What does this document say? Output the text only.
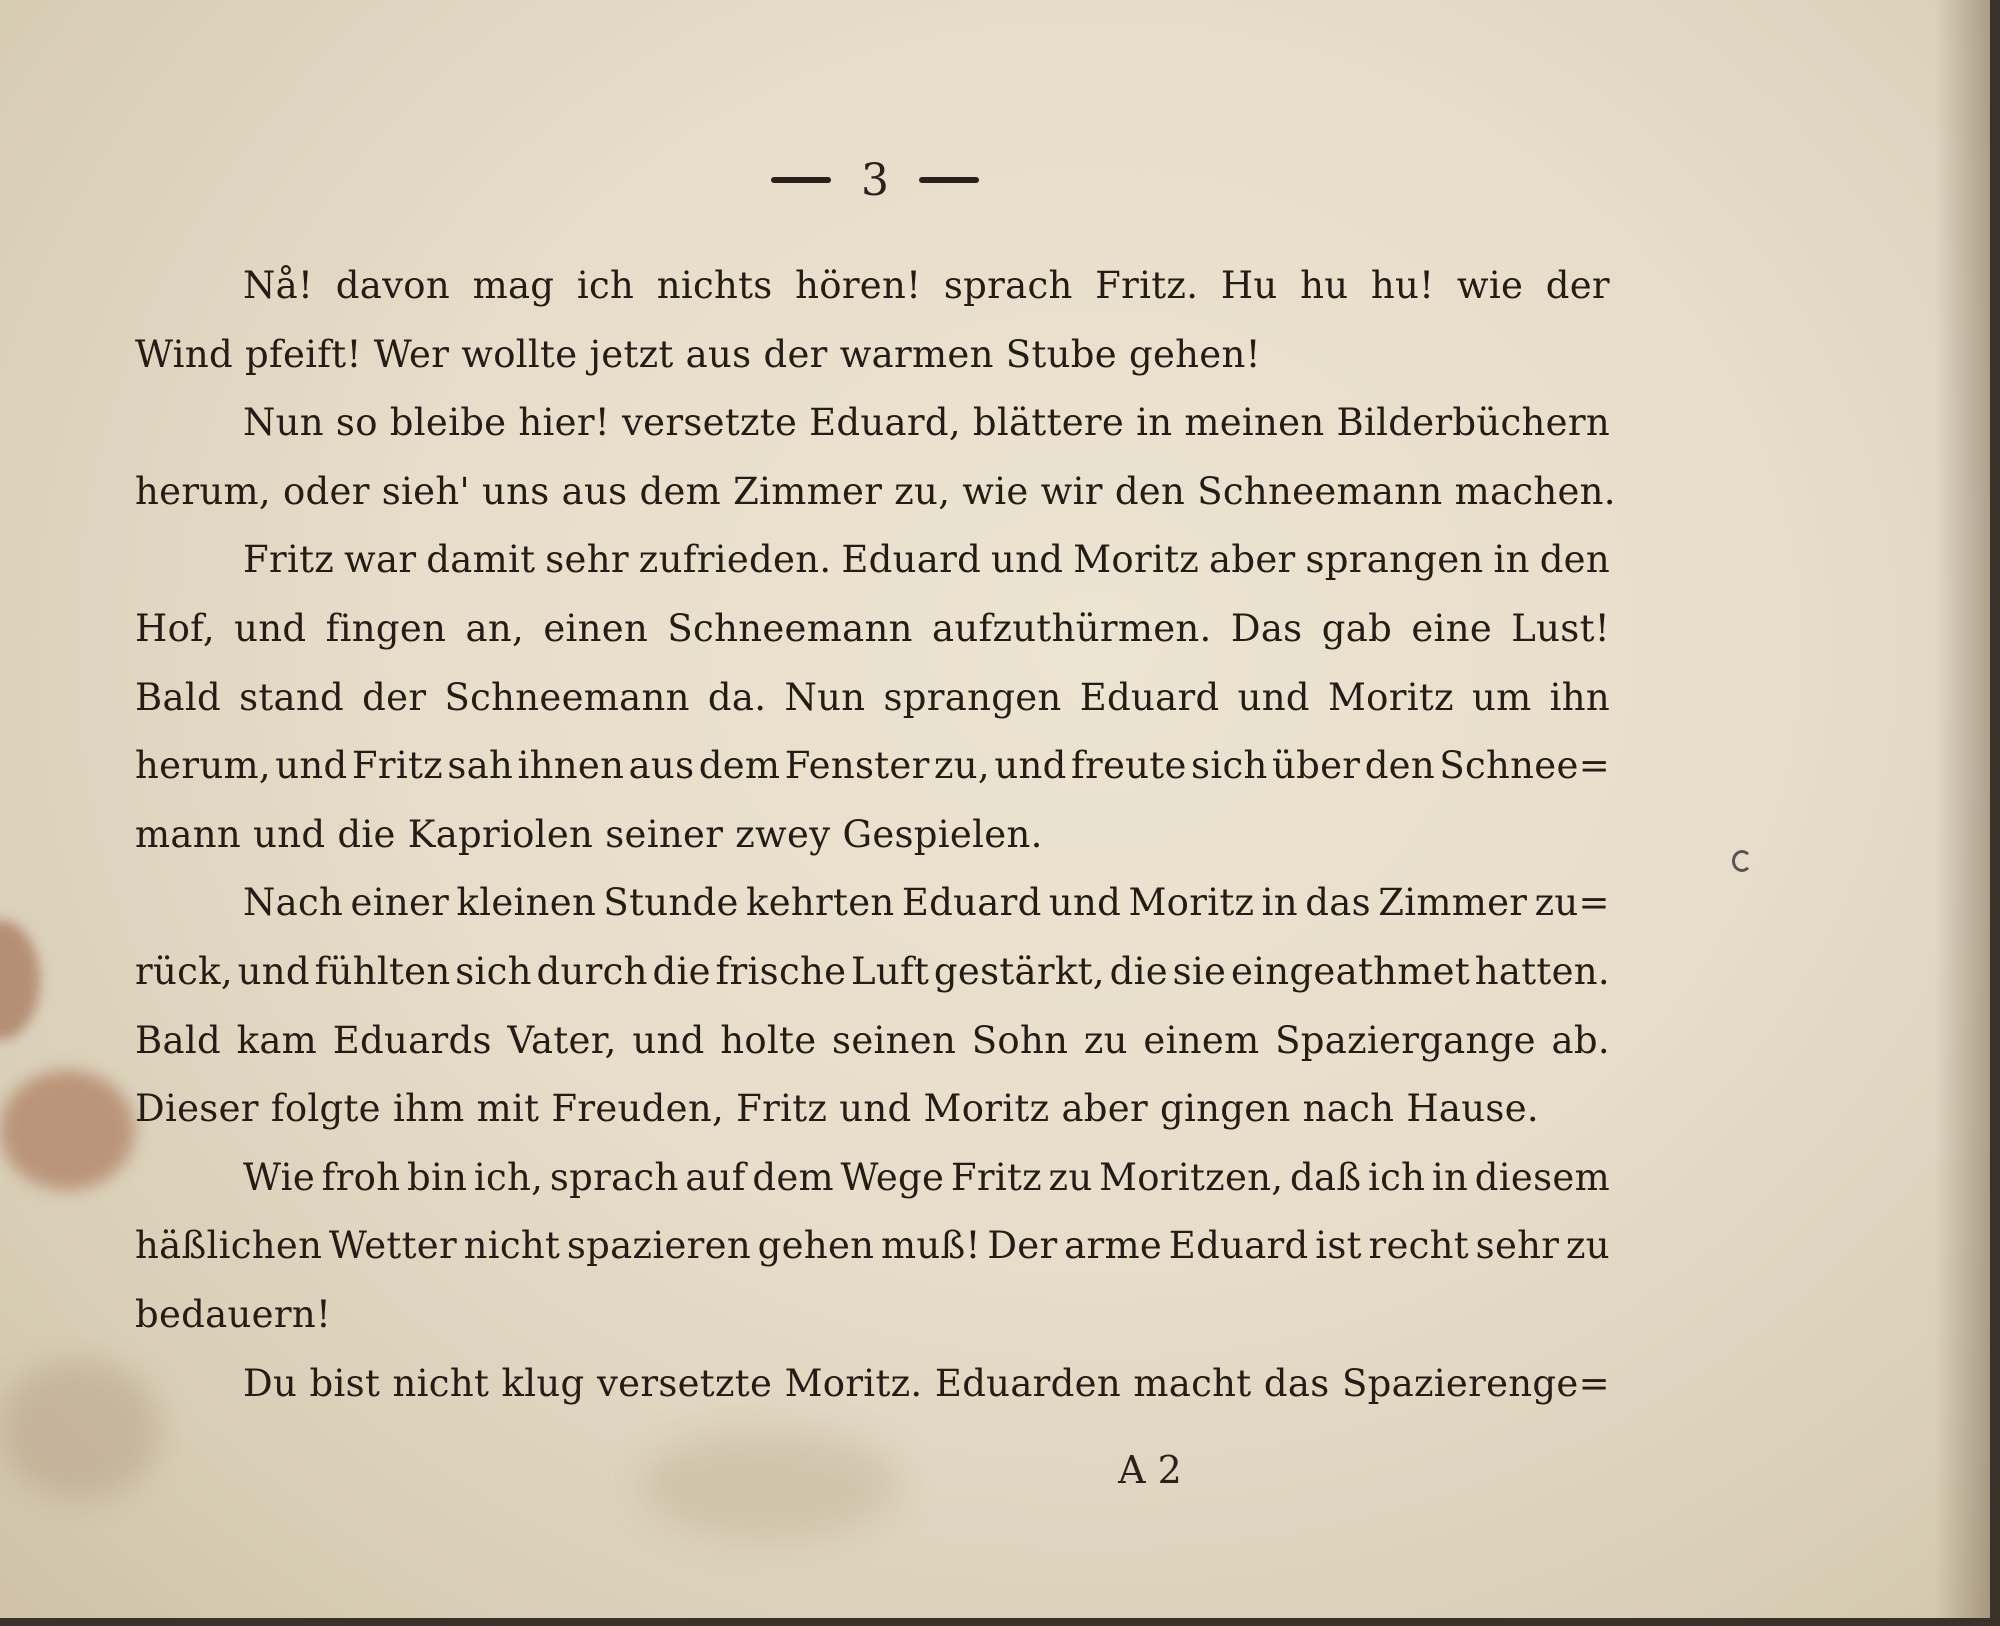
3
Nå! davon mag ich nichts hören! sprach Fritz. Hu hu hu! wie der
Wind pfeift! Wer wollte jetzt aus der warmen Stube gehen!
Nun so bleibe hier! versetzte Eduard, blättere in meinen Bilderbüchern
herum, oder sieh' uns aus dem Zimmer zu, wie wir den Schneemann machen.
Fritz war damit sehr zufrieden. Eduard und Moritz aber sprangen in den
Hof, und fingen an, einen Schneemann aufzuthürmen. Das gab eine Lust!
Bald stand der Schneemann da. Nun sprangen Eduard und Moritz um ihn
herum, und Fritz sah ihnen aus dem Fenster zu, und freute sich über den Schnee=
mann und die Kapriolen seiner zwey Gespielen.
Nach einer kleinen Stunde kehrten Eduard und Moritz in das Zimmer zu=
rück, und fühlten sich durch die frische Luft gestärkt, die sie eingeathmet hatten.
Bald kam Eduards Vater, und holte seinen Sohn zu einem Spaziergange ab.
Dieser folgte ihm mit Freuden, Fritz und Moritz aber gingen nach Hause.
Wie froh bin ich, sprach auf dem Wege Fritz zu Moritzen, daß ich in diesem
häßlichen Wetter nicht spazieren gehen muß! Der arme Eduard ist recht sehr zu
bedauern!
Du bist nicht klug versetzte Moritz. Eduarden macht das Spazierenge=
A 2
